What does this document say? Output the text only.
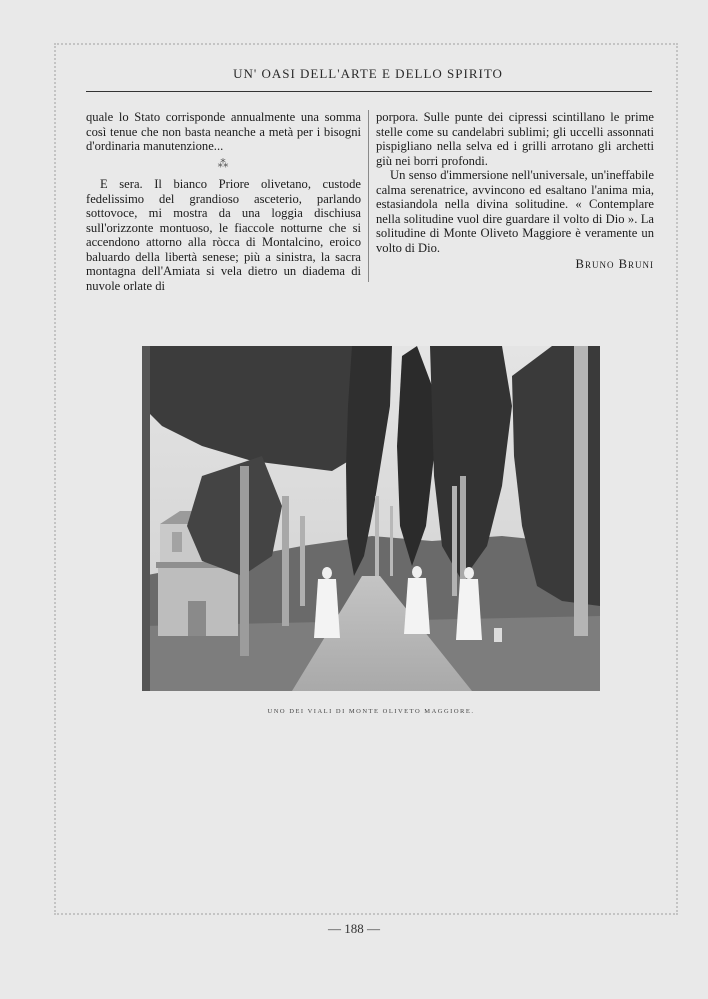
UN' OASI DELL'ARTE E DELLO SPIRITO

quale lo Stato corrisponde annualmente una somma così tenue che non basta neanche a metà per i bisogni d'ordinaria manutenzione...

⁂

E sera. Il bianco Priore olivetano, custode fedelissimo del grandioso asceterio, parlando sottovoce, mi mostra da una loggia dischiusa sull'orizzonte montuoso, le fiaccole notturne che si accendono attorno alla ròcca di Montalcino, eroico baluardo della libertà senese; più a sinistra, la sacra montagna dell'Amiata si vela dietro un diadema di nuvole orlate di

porpora. Sulle punte dei cipressi scintillano le prime stelle come su candelabri sublimi; gli uccelli assonnati pispigliano nella selva ed i grilli arrotano gli archetti giù nei borri profondi.

Un senso d'immersione nell'universale, un'ineffabile calma serenatrice, avvincono ed esaltano l'anima mia, estasiandola nella divina solitudine. « Contemplare nella solitudine vuol dire guardare il volto di Dio ». La solitudine di Monte Oliveto Maggiore è veramente un volto di Dio.

Bruno Bruni
UNO DEI VIALI DI MONTE OLIVETO MAGGIORE.
— 188 —
